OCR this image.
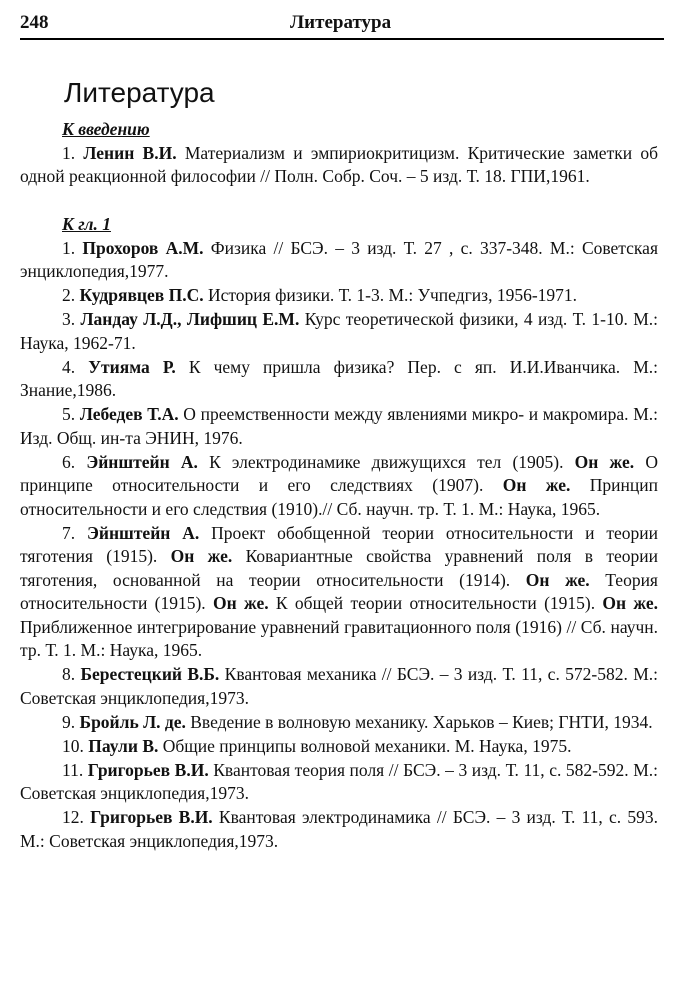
248	Литература
Литература
К введению

1. Ленин В.И. Материализм и эмпириокритицизм. Критические заметки об одной реакционной философии // Полн. Собр. Соч. – 5 изд. Т. 18. ГПИ,1961.

К гл. 1

1. Прохоров А.М. Физика // БСЭ. – 3 изд. Т. 27 , с. 337-348. М.: Советская энциклопедия,1977.

2. Кудрявцев П.С. История физики. Т. 1-3. М.: Учпедгиз, 1956-1971.

3. Ландау Л.Д., Лифшиц Е.М. Курс теоретической физики, 4 изд. Т. 1-10. М.: Наука, 1962-71.

4. Утияма Р. К чему пришла физика? Пер. с яп. И.И.Иванчика. М.: Знание,1986.

5. Лебедев Т.А. О преемственности между явлениями микро- и макромира. М.: Изд. Общ. ин-та ЭНИН, 1976.

6. Эйнштейн А. К электродинамике движущихся тел (1905). Он же. О принципе относительности и его следствиях (1907). Он же. Принцип относительности и его следствия (1910).// Сб. научн. тр. Т. 1. М.: Наука, 1965.

7. Эйнштейн А. Проект обобщенной теории относительности и теории тяготения (1915). Он же. Ковариантные свойства уравнений поля в теории тяготения, основанной на теории относительности (1914). Он же. Теория относительности (1915). Он же. К общей теории относительности (1915). Он же. Приближенное интегрирование уравнений гравитационного поля (1916) // Сб. научн. тр. Т. 1. М.: Наука, 1965.

8. Берестецкий В.Б. Квантовая механика // БСЭ. – 3 изд. Т. 11, с. 572-582. М.: Советская энциклопедия,1973.

9. Бройль Л. де. Введение в волновую механику. Харьков – Киев; ГНТИ, 1934.

10. Паули В. Общие принципы волновой механики. М. Наука, 1975.

11. Григорьев В.И. Квантовая теория поля // БСЭ. – 3 изд. Т. 11, с. 582-592. М.: Советская энциклопедия,1973.

12. Григорьев В.И. Квантовая электродинамика // БСЭ. – 3 изд. Т. 11, с. 593. М.: Советская энциклопедия,1973.
